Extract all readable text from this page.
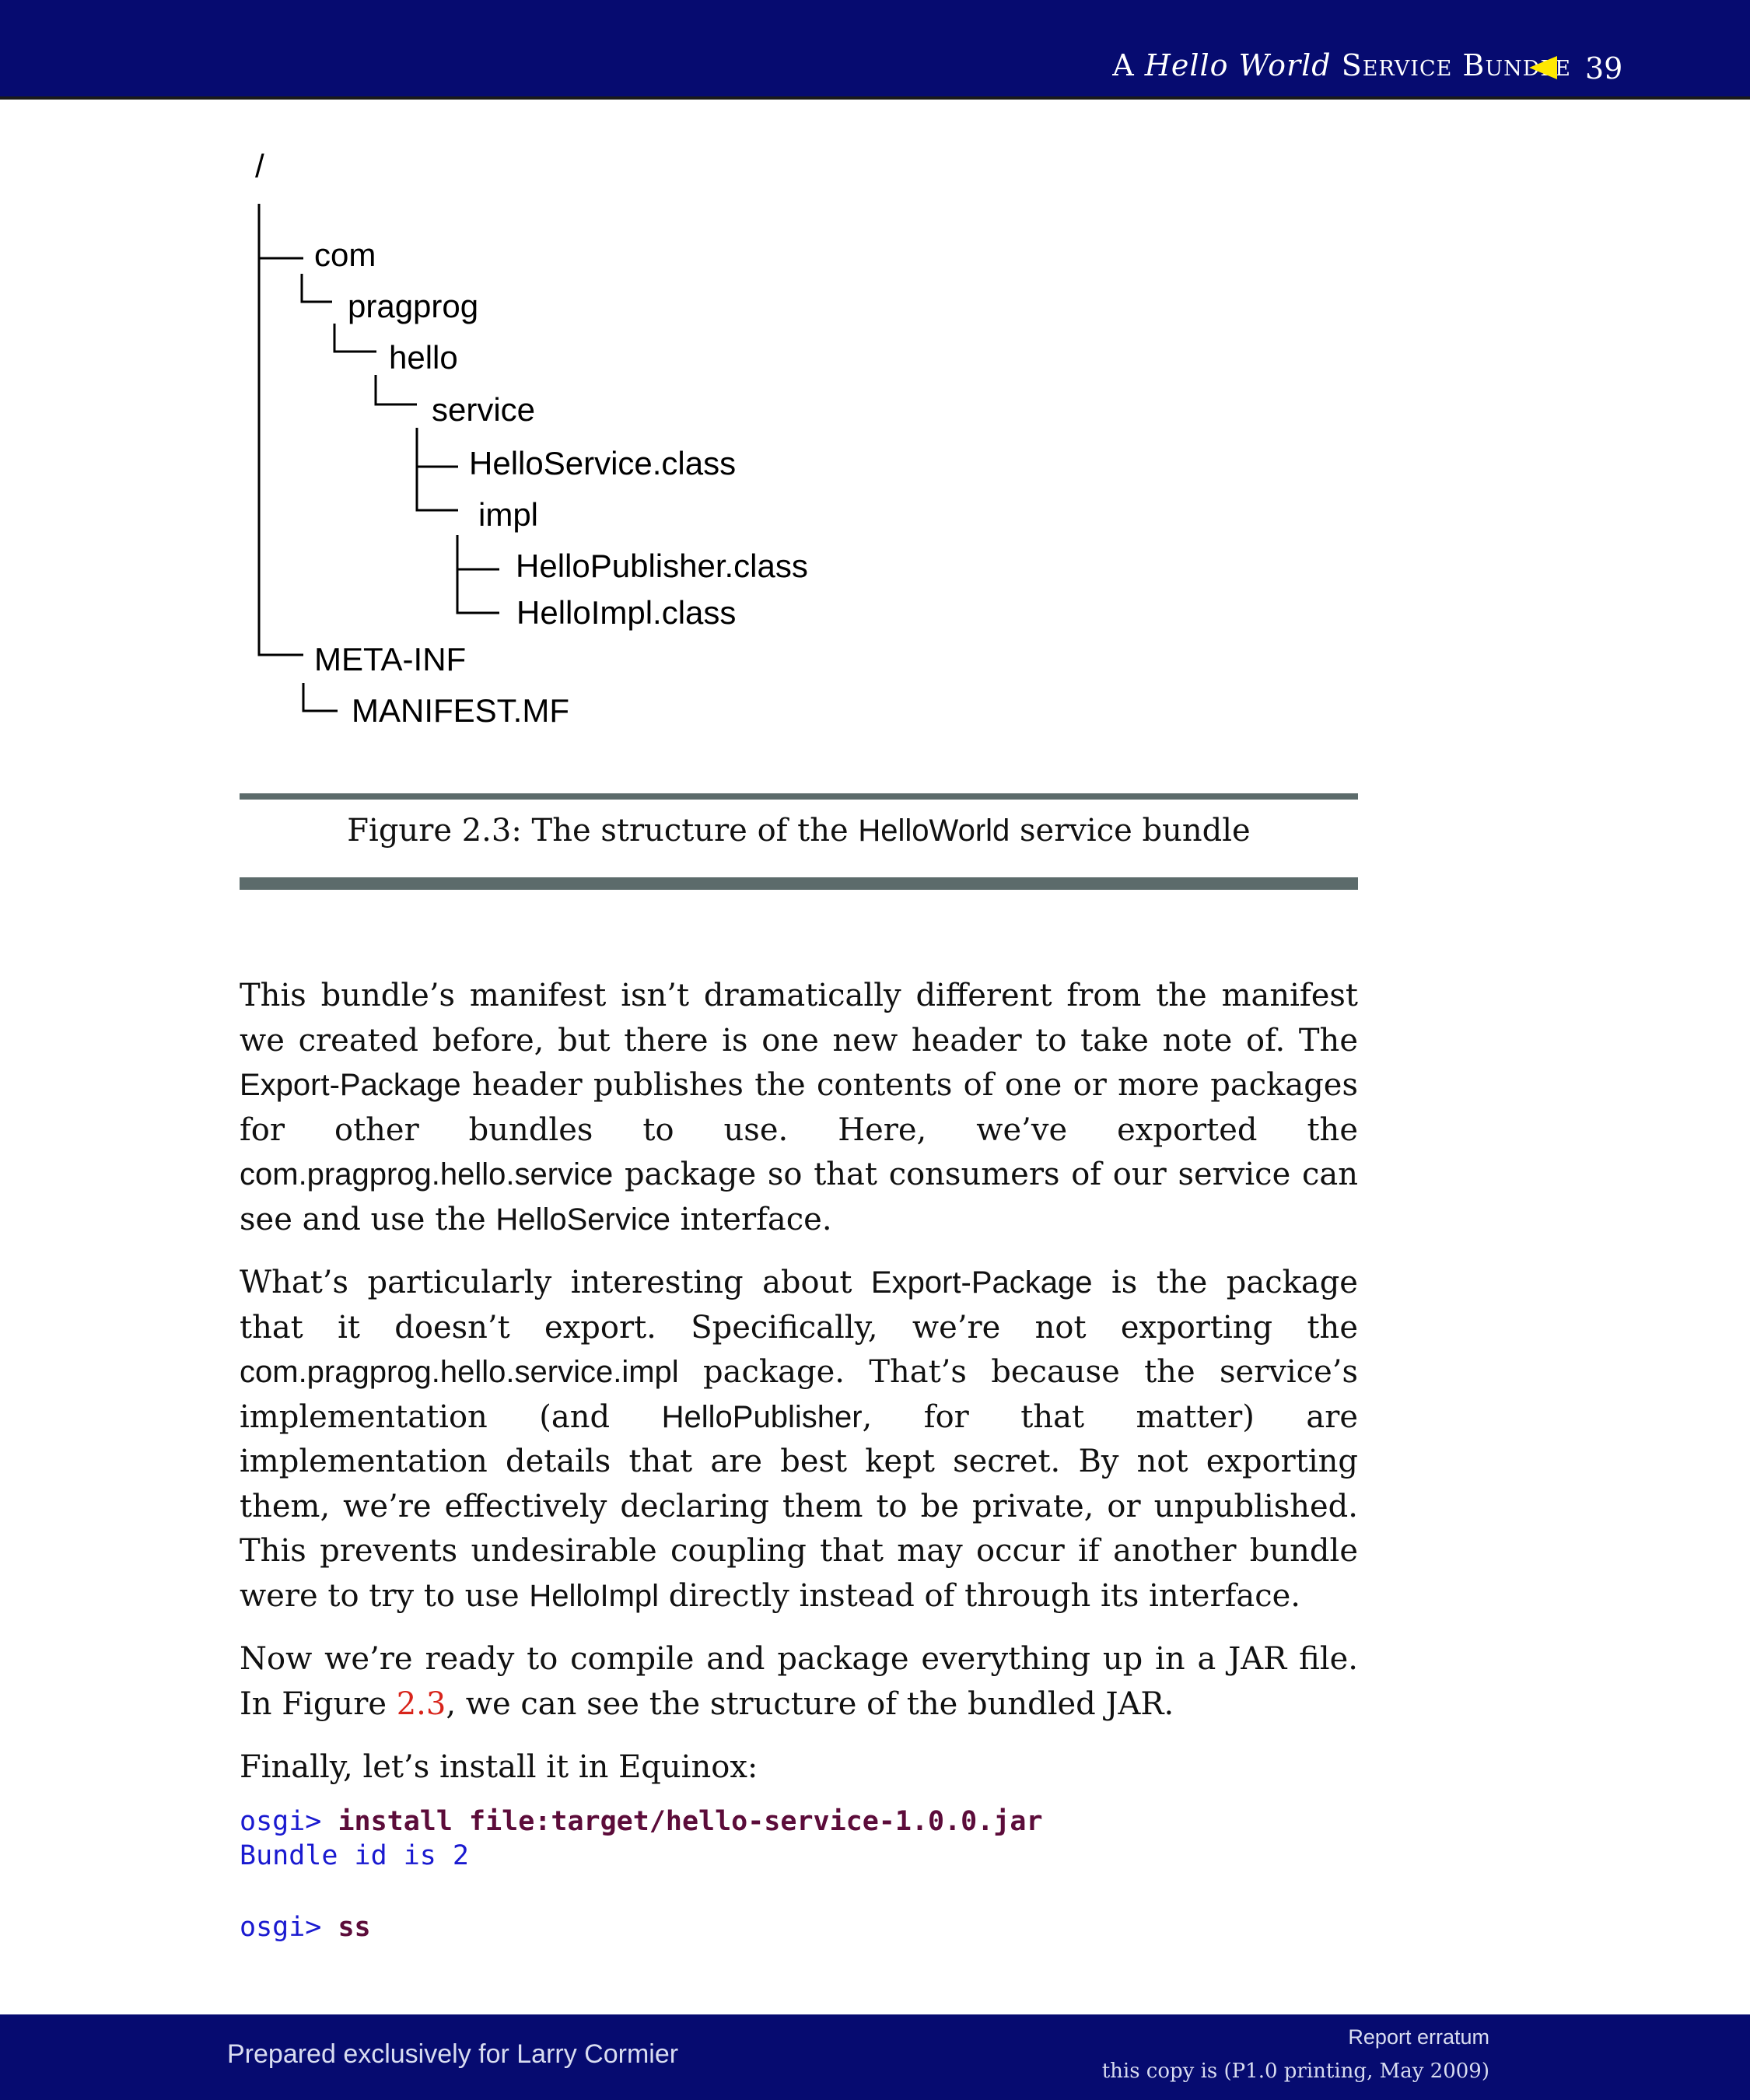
A Hello World Service Bundle 39
/
com
pragprog
hello
service
HelloService.class
impl
HelloPublisher.class
HelloImpl.class
META-INF
MANIFEST.MF
Figure 2.3: The structure of the HelloWorld service bundle

This bundle’s manifest isn’t dramatically different from the manifest we created before, but there is one new header to take note of. The Export-Package header publishes the contents of one or more packages for other bundles to use. Here, we’ve exported the com.pragprog.hello.service package so that consumers of our service can see and use the HelloService interface.

What’s particularly interesting about Export-Package is the package that it doesn’t export. Specifically, we’re not exporting the com.pragprog.hello.service.impl package. That’s because the service’s implementation (and HelloPublisher, for that matter) are implementation details that are best kept secret. By not exporting them, we’re effectively declaring them to be private, or unpublished. This prevents undesirable coupling that may occur if another bundle were to try to use HelloImpl directly instead of through its interface.

Now we’re ready to compile and package everything up in a JAR file. In Figure 2.3, we can see the structure of the bundled JAR.

Finally, let’s install it in Equinox:

osgi> install file:target/hello-service-1.0.0.jar
Bundle id is 2
osgi> ss
Prepared exclusively for Larry Cormier
Report erratum
this copy is (P1.0 printing, May 2009)
